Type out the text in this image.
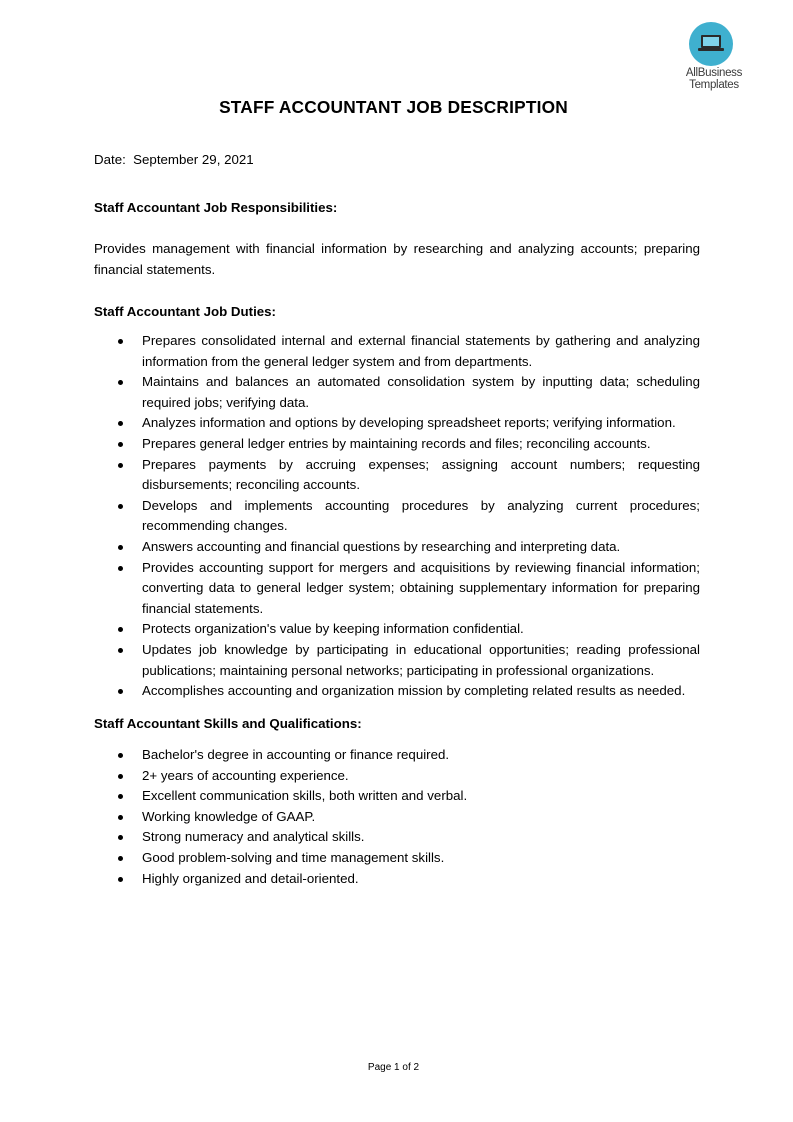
AllBusiness
Templates
STAFF ACCOUNTANT JOB DESCRIPTION
Date:  September 29, 2021
Staff Accountant Job Responsibilities:

Provides management with financial information by researching and analyzing accounts; preparing financial statements.

Staff Accountant Job Duties:
Prepares consolidated internal and external financial statements by gathering and analyzing information from the general ledger system and from departments.
Maintains and balances an automated consolidation system by inputting data; scheduling required jobs; verifying data.
Analyzes information and options by developing spreadsheet reports; verifying information.
Prepares general ledger entries by maintaining records and files; reconciling accounts.
Prepares payments by accruing expenses; assigning account numbers; requesting disbursements; reconciling accounts.
Develops and implements accounting procedures by analyzing current procedures; recommending changes.
Answers accounting and financial questions by researching and interpreting data.
Provides accounting support for mergers and acquisitions by reviewing financial information; converting data to general ledger system; obtaining supplementary information for preparing financial statements.
Protects organization's value by keeping information confidential.
Updates job knowledge by participating in educational opportunities; reading professional publications; maintaining personal networks; participating in professional organizations.
Accomplishes accounting and organization mission by completing related results as needed.
Staff Accountant Skills and Qualifications:
Bachelor's degree in accounting or finance required.
2+ years of accounting experience.
Excellent communication skills, both written and verbal.
Working knowledge of GAAP.
Strong numeracy and analytical skills.
Good problem-solving and time management skills.
Highly organized and detail-oriented.
Page 1 of 2
